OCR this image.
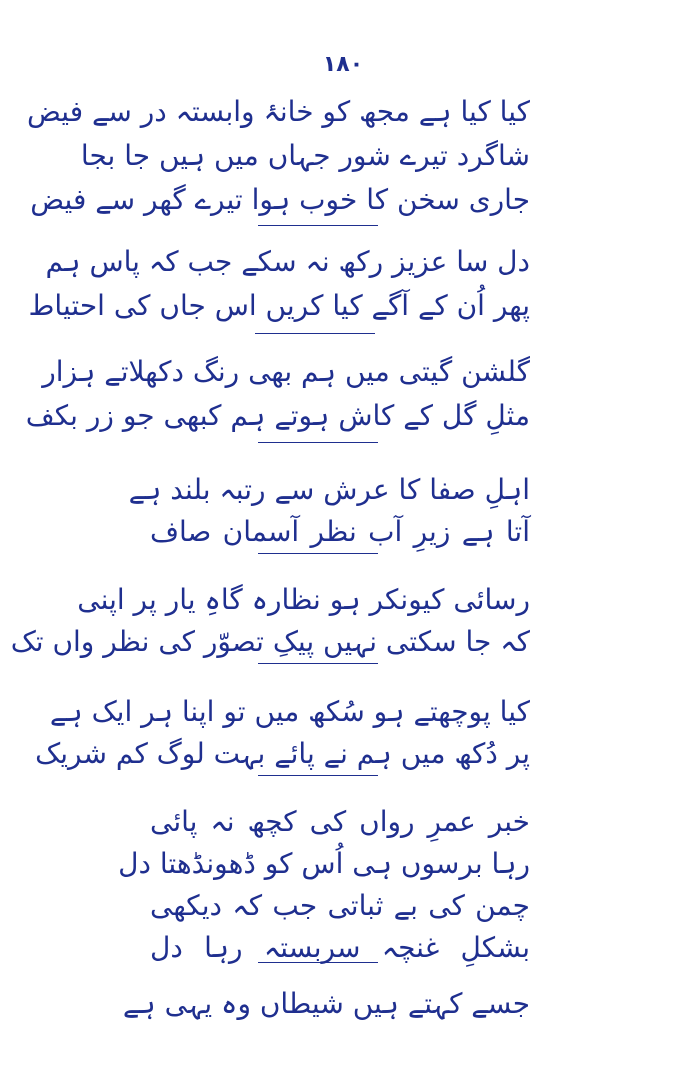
۱۸۰
کیا کیا ہے مجھ کو خانۂ وابستہ در سے فیض
شاگرد تیرے شور جہاں میں ہیں جا بجا
جاری سخن کا خوب ہوا تیرے گھر سے فیض
دل سا عزیز رکھ نہ سکے جب کہ پاس ہم
پھر اُن کے آگے کیا کریں اس جاں کی احتیاط
گلشن گیتی میں ہم بھی رنگ دکھلاتے ہزار
مثلِ گل کے کاش ہوتے ہم کبھی جو زر بکف
اہلِ صفا کا عرش سے رتبہ بلند ہے
آتا ہے زیرِ آب نظر آسمان صاف
رسائی کیونکر ہو نظارہ گاہِ یار پر اپنی
کہ جا سکتی نہیں پیکِ تصوّر کی نظر واں تک
کیا پوچھتے ہو سُکھ میں تو اپنا ہر ایک ہے
پر دُکھ میں ہم نے پائے بہت لوگ کم شریک
خبر عمرِ رواں کی کچھ نہ پائی
رہا برسوں ہی اُس کو ڈھونڈھتا دل
چمن کی بے ثباتی جب کہ دیکھی
بشکلِ غنچہ سربستہ رہا دل
جسے کہتے ہیں شیطاں وہ یہی ہے
